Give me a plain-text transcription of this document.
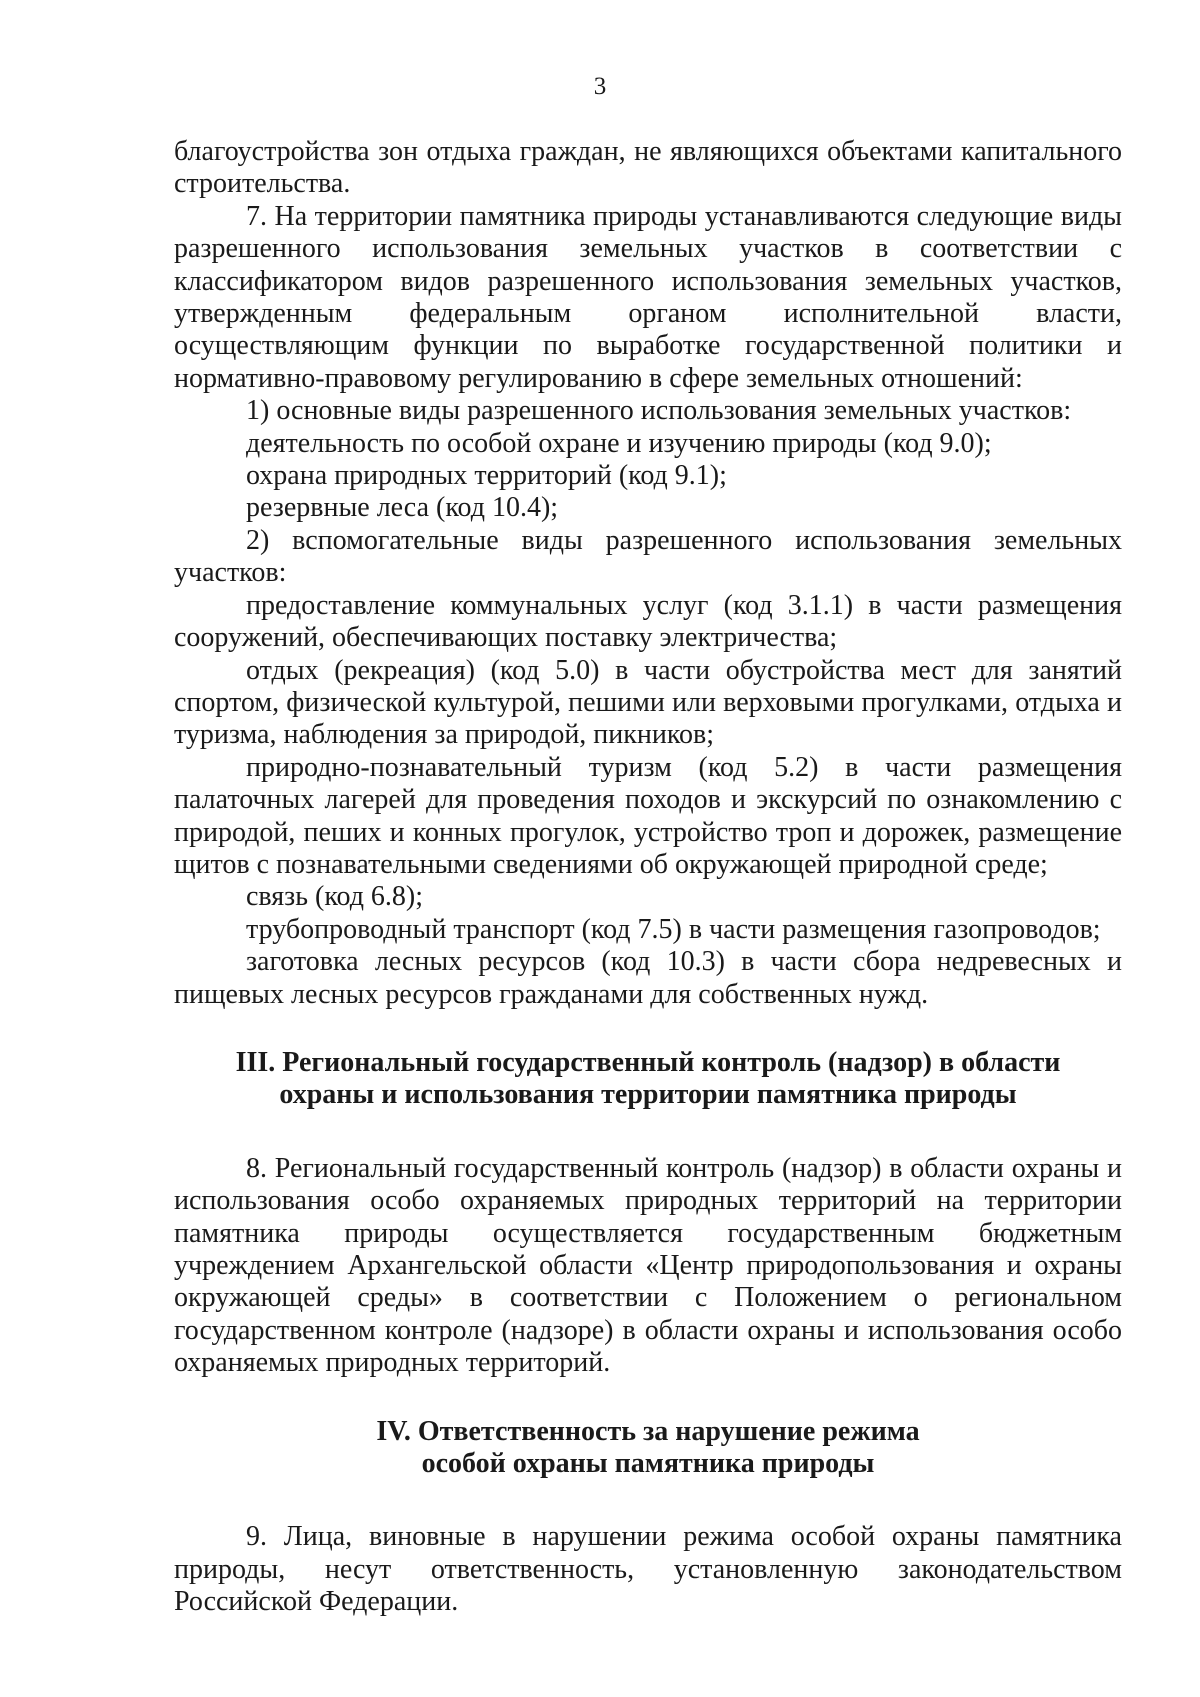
3

благоустройства зон отдыха граждан, не являющихся объектами капитального строительства.

7. На территории памятника природы устанавливаются следующие виды разрешенного использования земельных участков в соответствии с классификатором видов разрешенного использования земельных участков, утвержденным федеральным органом исполнительной власти, осуществляющим функции по выработке государственной политики и нормативно-правовому регулированию в сфере земельных отношений:

1) основные виды разрешенного использования земельных участков:

деятельность по особой охране и изучению природы (код 9.0);

охрана природных территорий (код 9.1);

резервные леса (код 10.4);

2) вспомогательные виды разрешенного использования земельных участков:

предоставление коммунальных услуг (код 3.1.1) в части размещения сооружений, обеспечивающих поставку электричества;

отдых (рекреация) (код 5.0) в части обустройства мест для занятий спортом, физической культурой, пешими или верховыми прогулками, отдыха и туризма, наблюдения за природой, пикников;

природно-познавательный туризм (код 5.2) в части размещения палаточных лагерей для проведения походов и экскурсий по ознакомлению с природой, пеших и конных прогулок, устройство троп и дорожек, размещение щитов с познавательными сведениями об окружающей природной среде;

связь (код 6.8);

трубопроводный транспорт (код 7.5) в части размещения газопроводов;

заготовка лесных ресурсов (код 10.3) в части сбора недревесных и пищевых лесных ресурсов гражданами для собственных нужд.

III. Региональный государственный контроль (надзор) в области
охраны и использования территории памятника природы

8. Региональный государственный контроль (надзор) в области охраны и использования особо охраняемых природных территорий на территории памятника природы осуществляется государственным бюджетным учреждением Архангельской области «Центр природопользования и охраны окружающей среды» в соответствии с Положением о региональном государственном контроле (надзоре) в области охраны и использования особо охраняемых природных территорий.

IV. Ответственность за нарушение режима
особой охраны памятника природы

9. Лица, виновные в нарушении режима особой охраны памятника природы, несут ответственность, установленную законодательством Российской Федерации.
